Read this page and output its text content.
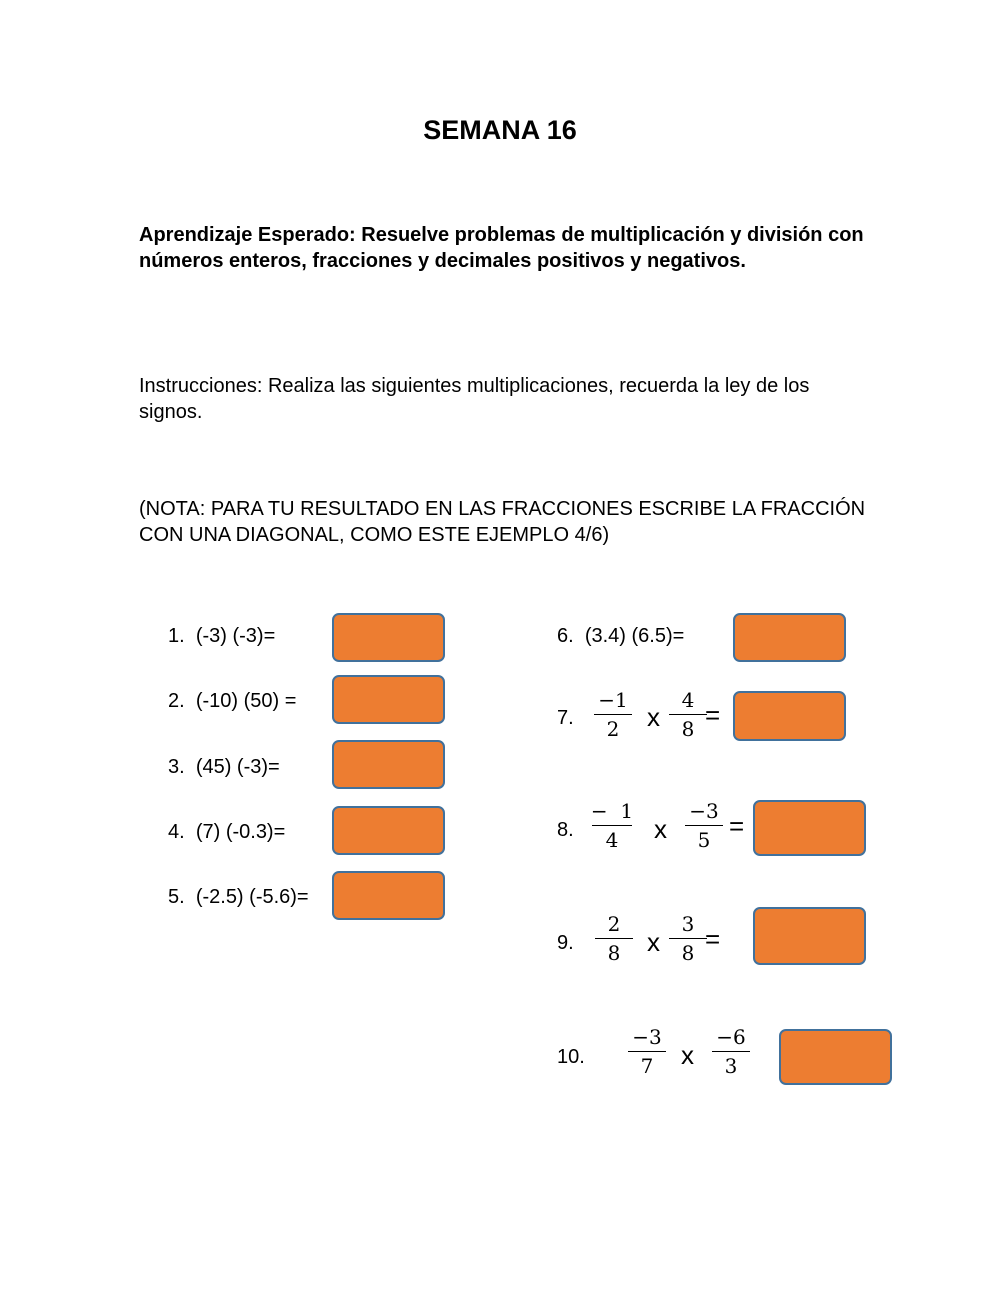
SEMANA 16
Aprendizaje Esperado: Resuelve problemas de multiplicación y división con números enteros, fracciones y decimales positivos y negativos.
Instrucciones: Realiza las siguientes multiplicaciones, recuerda la ley de los signos.
(NOTA: PARA TU RESULTADO EN LAS FRACCIONES ESCRIBE LA FRACCIÓN CON UNA DIAGONAL, COMO ESTE EJEMPLO 4/6)
1. (-3) (-3)=
2. (-10) (50) =
3. (45) (-3)=
4. (7) (-0.3)=
5. (-2.5) (-5.6)=
6. (3.4) (6.5)=
7.
−1
2	x
4
8 =
8.
−  1
4	x
−3
5 =
9.
2
8	x
3
8 =
10.
−3
7	x
−6
3
